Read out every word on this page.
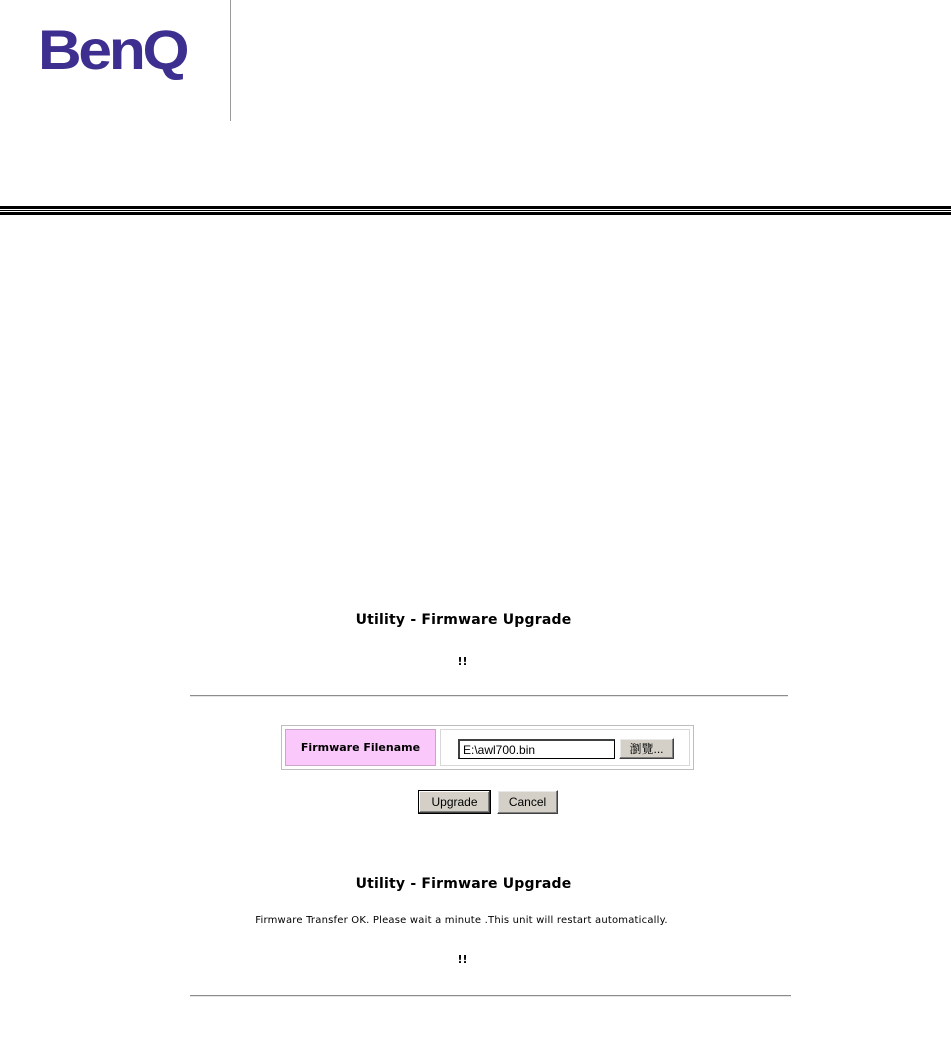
BenQ
Utility - Firmware Upgrade
!!
Firmware Filename
E:\awl700.bin	瀏覽...
Upgrade	Cancel
Utility - Firmware Upgrade
Firmware Transfer OK. Please wait a minute .This unit will restart automatically.
!!
